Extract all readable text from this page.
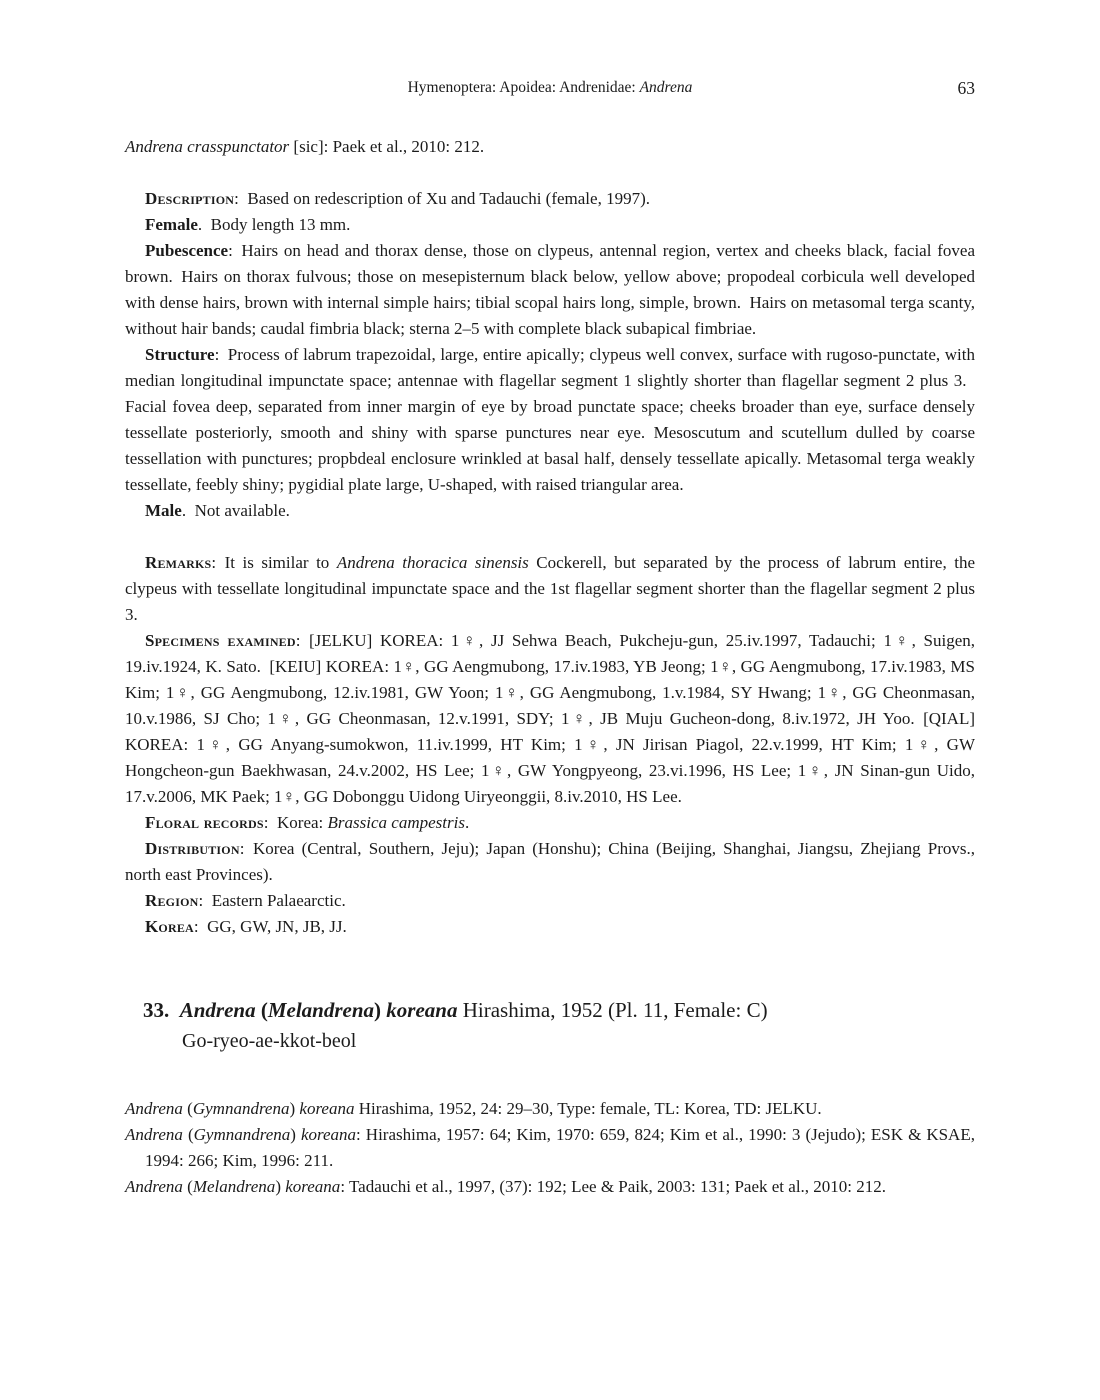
Hymenoptera: Apoidea: Andrenidae: Andrena	63

Andrena crasspunctator [sic]: Paek et al., 2010: 212.

Description: Based on redescription of Xu and Tadauchi (female, 1997).

Female. Body length 13 mm.

Pubescence: Hairs on head and thorax dense, those on clypeus, antennal region, vertex and cheeks black, facial fovea brown. Hairs on thorax fulvous; those on mesepisternum black below, yellow above; propodeal corbicula well developed with dense hairs, brown with internal simple hairs; tibial scopal hairs long, simple, brown. Hairs on metasomal terga scanty, without hair bands; caudal fimbria black; sterna 2–5 with complete black subapical fimbriae.

Structure: Process of labrum trapezoidal, large, entire apically; clypeus well convex, surface with rugoso-punctate, with median longitudinal impunctate space; antennae with flagellar segment 1 slightly shorter than flagellar segment 2 plus 3. Facial fovea deep, separated from inner margin of eye by broad punctate space; cheeks broader than eye, surface densely tessellate posteriorly, smooth and shiny with sparse punctures near eye. Mesoscutum and scutellum dulled by coarse tessellation with punctures; propbdeal enclosure wrinkled at basal half, densely tessellate apically. Metasomal terga weakly tessellate, feebly shiny; pygidial plate large, U-shaped, with raised triangular area.

Male. Not available.

Remarks: It is similar to Andrena thoracica sinensis Cockerell, but separated by the process of labrum entire, the clypeus with tessellate longitudinal impunctate space and the 1st flagellar segment shorter than the flagellar segment 2 plus 3.

Specimens examined: [JELKU] KOREA: 1♀, JJ Sehwa Beach, Pukcheju-gun, 25.iv.1997, Tadauchi; 1♀, Suigen, 19.iv.1924, K. Sato. [KEIU] KOREA: 1♀, GG Aengmubong, 17.iv.1983, YB Jeong; 1♀, GG Aengmubong, 17.iv.1983, MS Kim; 1♀, GG Aengmubong, 12.iv.1981, GW Yoon; 1♀, GG Aengmubong, 1.v.1984, SY Hwang; 1♀, GG Cheonmasan, 10.v.1986, SJ Cho; 1♀, GG Cheonmasan, 12.v.1991, SDY; 1♀, JB Muju Gucheon-dong, 8.iv.1972, JH Yoo. [QIAL] KOREA: 1♀, GG Anyang-sumokwon, 11.iv.1999, HT Kim; 1♀, JN Jirisan Piagol, 22.v.1999, HT Kim; 1♀, GW Hongcheon-gun Baekhwasan, 24.v.2002, HS Lee; 1♀, GW Yongpyeong, 23.vi.1996, HS Lee; 1♀, JN Sinan-gun Uido, 17.v.2006, MK Paek; 1♀, GG Dobonggu Uidong Uiryeonggii, 8.iv.2010, HS Lee.

Floral records: Korea: Brassica campestris.

Distribution: Korea (Central, Southern, Jeju); Japan (Honshu); China (Beijing, Shanghai, Jiangsu, Zhejiang Provs., north east Provinces).

Region: Eastern Palaearctic.

Korea: GG, GW, JN, JB, JJ.

33. Andrena (Melandrena) koreana Hirashima, 1952 (Pl. 11, Female: C)

Go-ryeo-ae-kkot-beol

Andrena (Gymnandrena) koreana Hirashima, 1952, 24: 29–30, Type: female, TL: Korea, TD: JELKU.

Andrena (Gymnandrena) koreana: Hirashima, 1957: 64; Kim, 1970: 659, 824; Kim et al., 1990: 3 (Jejudo); ESK & KSAE, 1994: 266; Kim, 1996: 211.

Andrena (Melandrena) koreana: Tadauchi et al., 1997, (37): 192; Lee & Paik, 2003: 131; Paek et al., 2010: 212.
